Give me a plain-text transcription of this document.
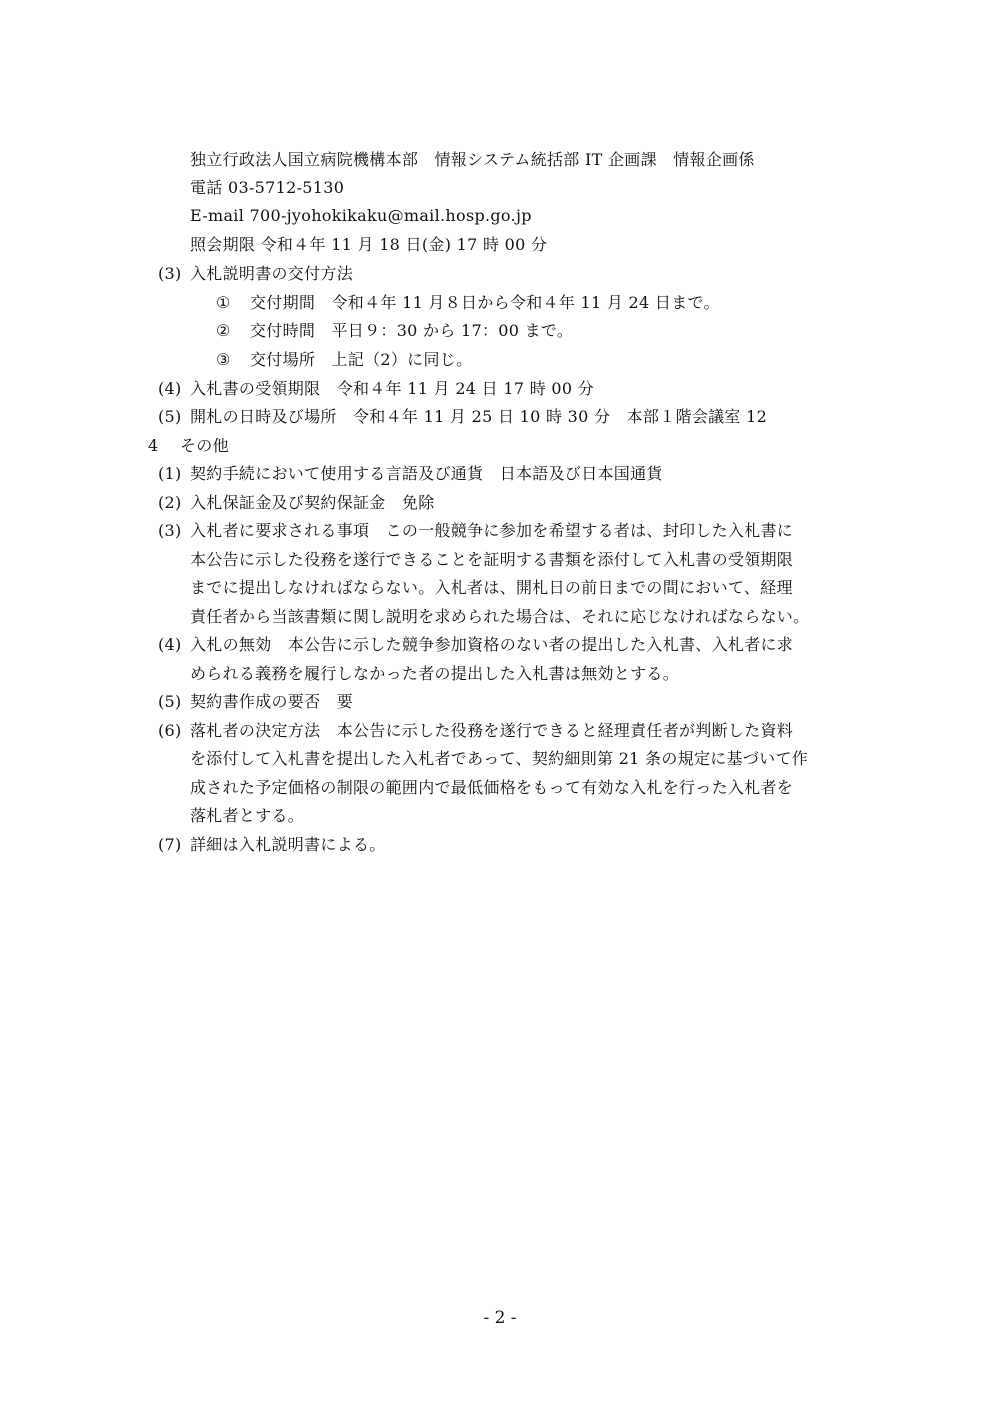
独立行政法人国立病院機構本部　情報システム統括部 IT 企画課　情報企画係
電話 03-5712-5130
E-mail 700-jyohokikaku@mail.hosp.go.jp
照会期限 令和４年 11 月 18 日(金) 17 時 00 分
(3) 入札説明書の交付方法
① 交付期間　令和４年 11 月８日から令和４年 11 月 24 日まで。
② 交付時間　平日９：30 から 17：00 まで。
③ 交付場所　上記（2）に同じ。
(4) 入札書の受領期限　令和４年 11 月 24 日 17 時 00 分
(5) 開札の日時及び場所　令和４年 11 月 25 日 10 時 30 分　本部１階会議室 12
4 その他
(1) 契約手続において使用する言語及び通貨　日本語及び日本国通貨
(2) 入札保証金及び契約保証金　免除
(3) 入札者に要求される事項　この一般競争に参加を希望する者は、封印した入札書に
本公告に示した役務を遂行できることを証明する書類を添付して入札書の受領期限
までに提出しなければならない。入札者は、開札日の前日までの間において、経理
責任者から当該書類に関し説明を求められた場合は、それに応じなければならない。
(4) 入札の無効　本公告に示した競争参加資格のない者の提出した入札書、入札者に求
められる義務を履行しなかった者の提出した入札書は無効とする。
(5) 契約書作成の要否　要
(6) 落札者の決定方法　本公告に示した役務を遂行できると経理責任者が判断した資料
を添付して入札書を提出した入札者であって、契約細則第 21 条の規定に基づいて作
成された予定価格の制限の範囲内で最低価格をもって有効な入札を行った入札者を
落札者とする。
(7) 詳細は入札説明書による。
- 2 -
